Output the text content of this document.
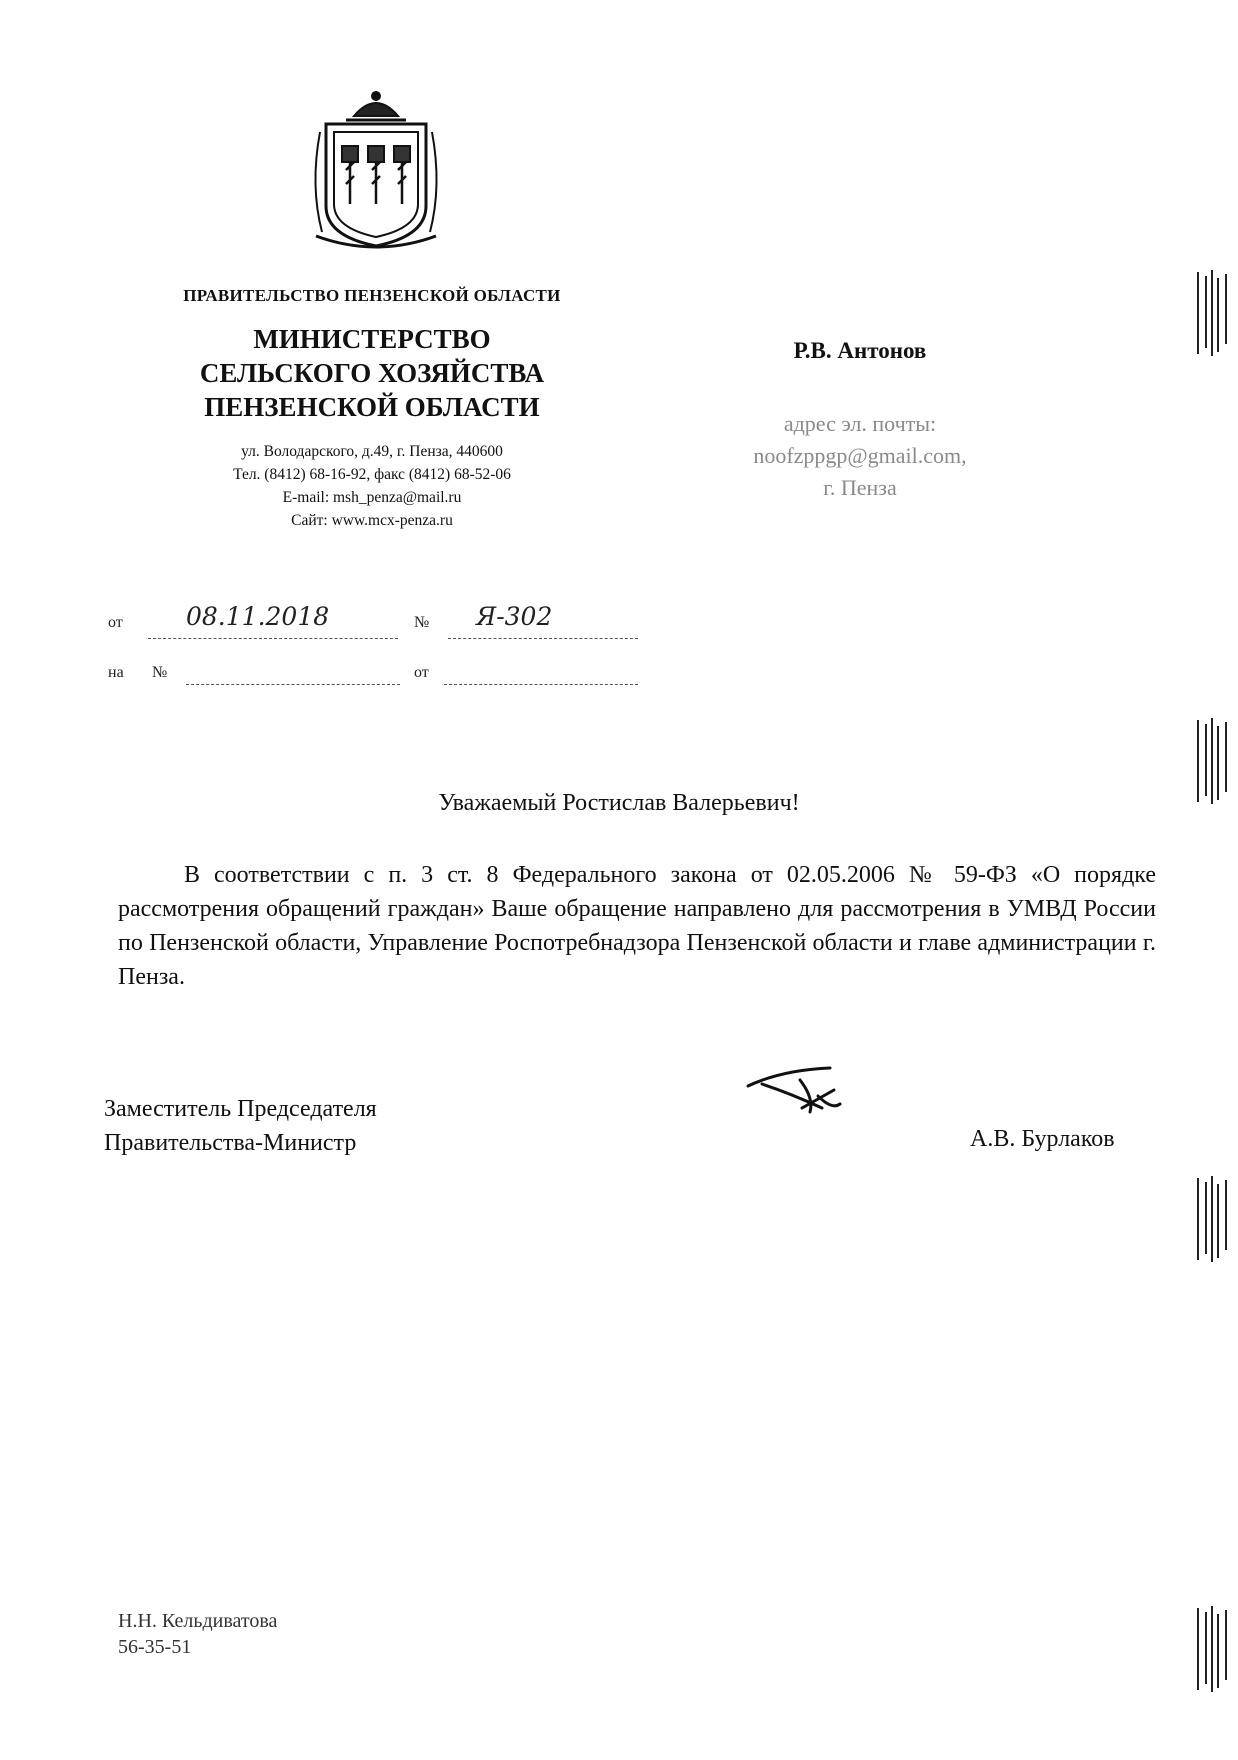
ПРАВИТЕЛЬСТВО ПЕНЗЕНСКОЙ ОБЛАСТИ
МИНИСТЕРСТВО
СЕЛЬСКОГО ХОЗЯЙСТВА
ПЕНЗЕНСКОЙ ОБЛАСТИ
ул. Володарского, д.49, г. Пенза, 440600
Тел. (8412) 68-16-92, факс (8412) 68-52-06
E-mail: msh_penza@mail.ru
Сайт: www.mcx-penza.ru
Р.В. Антонов
адрес эл. почты:
noofzppgp@gmail.com,
г. Пенза
от	08.11.2018	№ Я-302
на №	от
Уважаемый Ростислав Валерьевич!
В соответствии с п. 3 ст. 8 Федерального закона от 02.05.2006 № 59-ФЗ «О порядке рассмотрения обращений граждан» Ваше обращение направлено для рассмотрения в УМВД России по Пензенской области, Управление Роспотребнадзора Пензенской области и главе администрации г. Пенза.
Заместитель Председателя
Правительства-Министр	А.В. Бурлаков
Н.Н. Кельдиватова
56-35-51
